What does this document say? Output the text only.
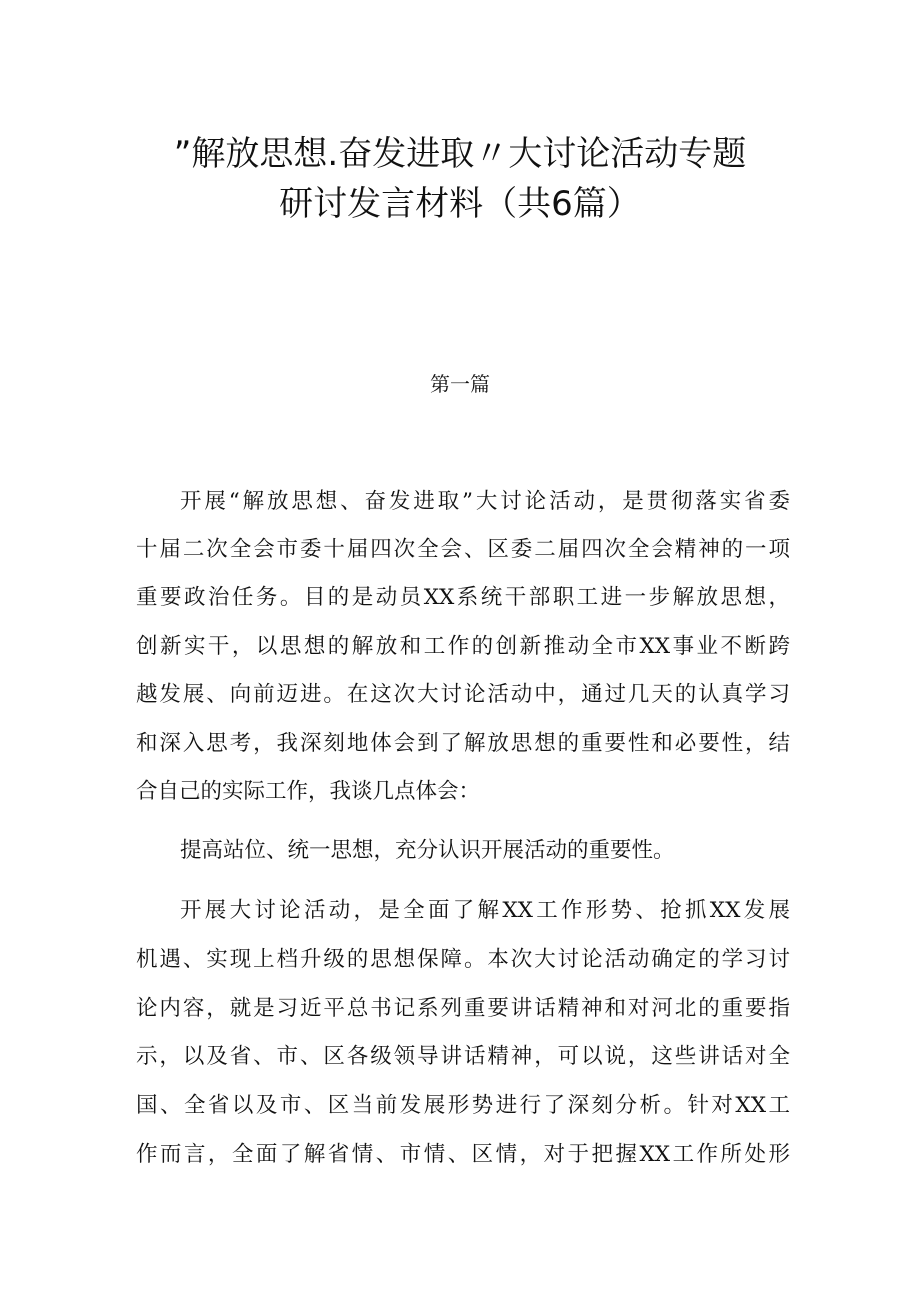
”解放思想.奋发进取〃大讨论活动专题
研讨发言材料（共6篇）
第一篇
开展“解放思想、奋发进取”大讨论活动，是贯彻落实省委
十届二次全会市委十届四次全会、区委二届四次全会精神的一项
重要政治任务。目的是动员XX系统干部职工进一步解放思想，
创新实干，以思想的解放和工作的创新推动全市XX事业不断跨
越发展、向前迈进。在这次大讨论活动中，通过几天的认真学习
和深入思考，我深刻地体会到了解放思想的重要性和必要性，结
合自己的实际工作，我谈几点体会：
提高站位、统一思想，充分认识开展活动的重要性。
开展大讨论活动，是全面了解XX工作形势、抢抓XX发展
机遇、实现上档升级的思想保障。本次大讨论活动确定的学习讨
论内容，就是习近平总书记系列重要讲话精神和对河北的重要指
示，以及省、市、区各级领导讲话精神，可以说，这些讲话对全
国、全省以及市、区当前发展形势进行了深刻分析。针对XX工
作而言，全面了解省情、市情、区情，对于把握XX工作所处形
